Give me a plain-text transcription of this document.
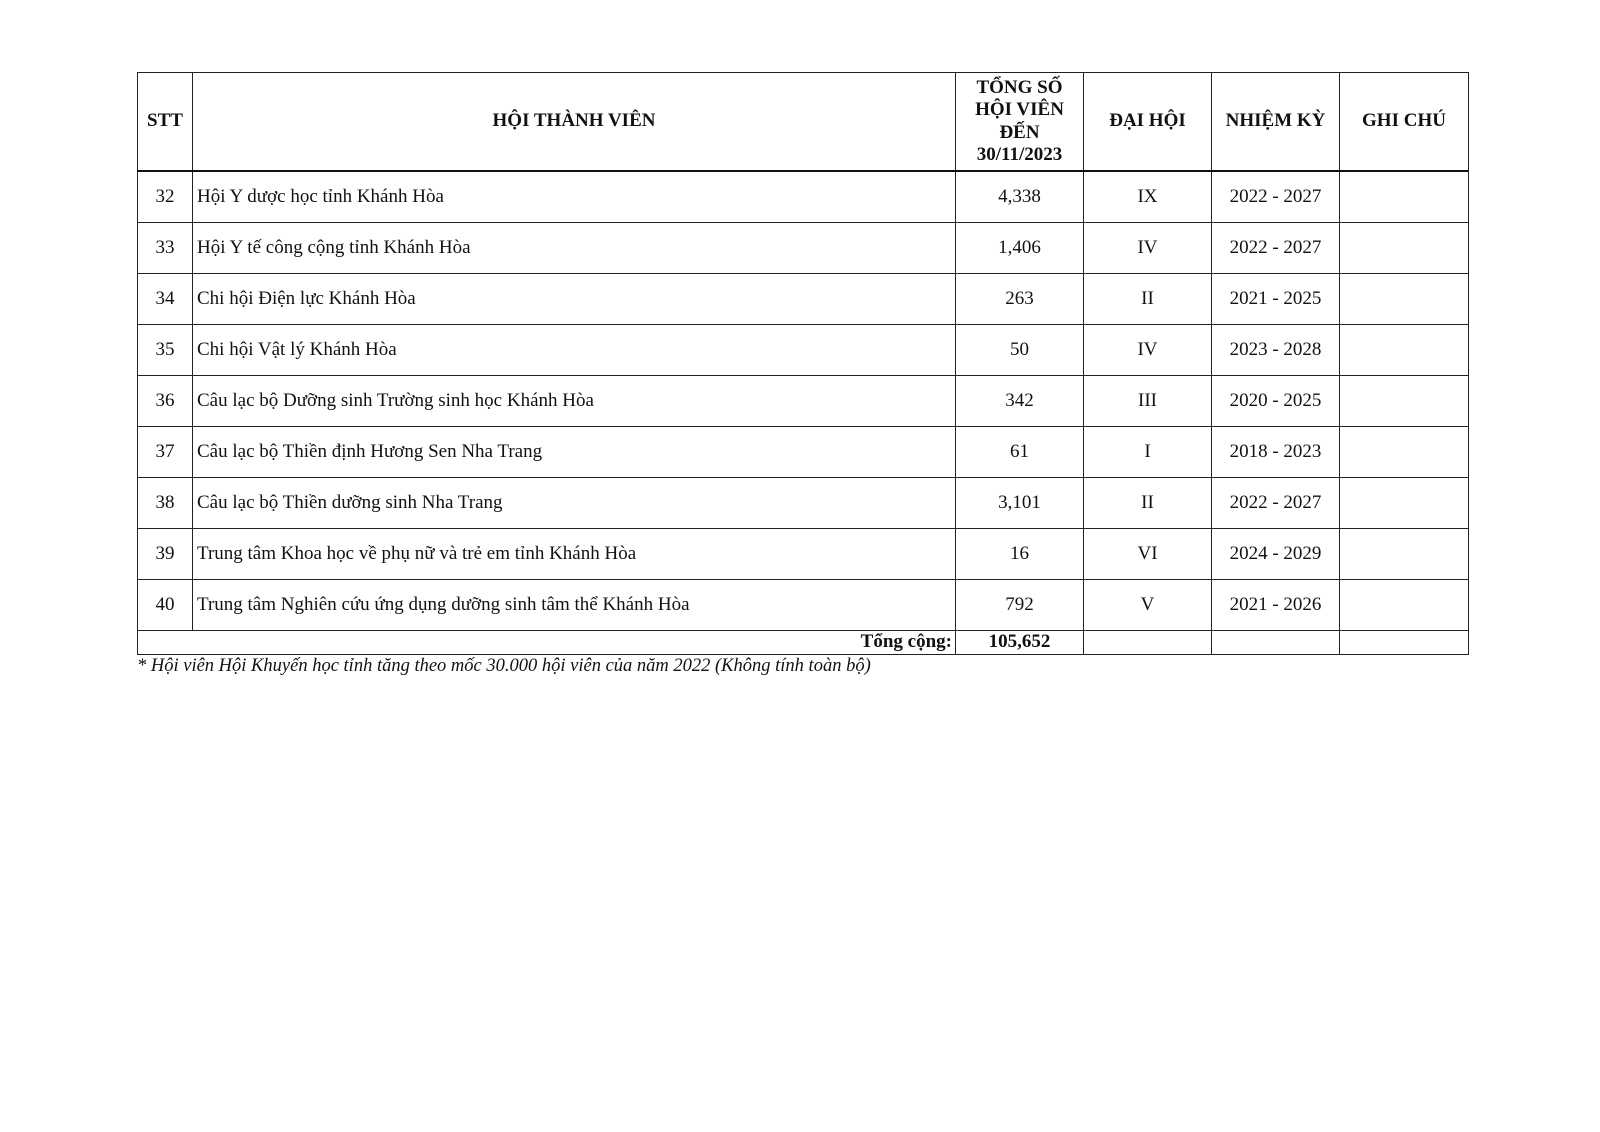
STT	HỘI THÀNH VIÊN	TỔNG SỐ
HỘI VIÊN
ĐẾN
30/11/2023	ĐẠI HỘI	NHIỆM KỲ	GHI CHÚ
32	Hội Y dược học tỉnh Khánh Hòa	4,338	IX	2022 - 2027	
33	Hội Y tế công cộng tỉnh Khánh Hòa	1,406	IV	2022 - 2027	
34	Chi hội Điện lực Khánh Hòa	263	II	2021 - 2025	
35	Chi hội Vật lý Khánh Hòa	50	IV	2023 - 2028	
36	Câu lạc bộ Dưỡng sinh Trường sinh học Khánh Hòa	342	III	2020 - 2025	
37	Câu lạc bộ Thiền định Hương Sen Nha Trang	61	I	2018 - 2023	
38	Câu lạc bộ Thiền dưỡng sinh Nha Trang	3,101	II	2022 - 2027	
39	Trung tâm Khoa học về phụ nữ và trẻ em tỉnh Khánh Hòa	16	VI	2024 - 2029	
40	Trung tâm Nghiên cứu ứng dụng dưỡng sinh tâm thể Khánh Hòa	792	V	2021 - 2026	
Tổng cộng:		105,652			
* Hội viên Hội Khuyến học tỉnh tăng theo mốc 30.000 hội viên của năm 2022 (Không tính toàn bộ)
